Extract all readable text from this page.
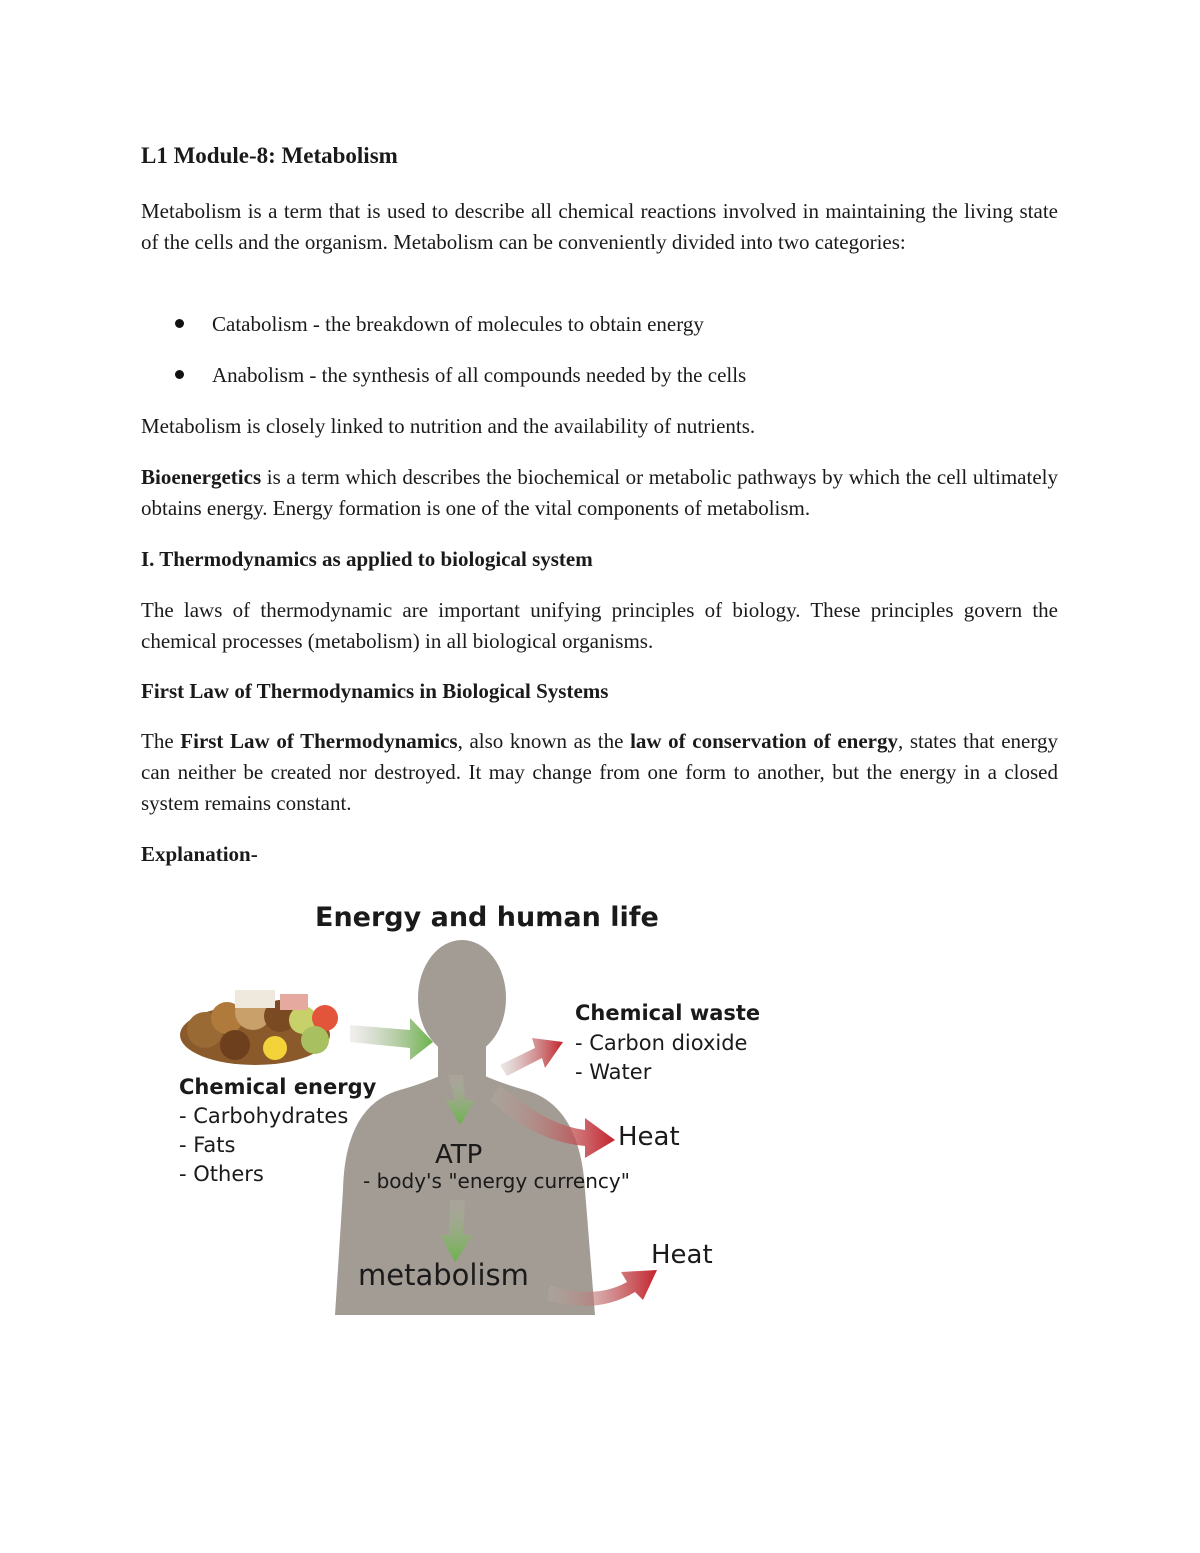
L1 Module-8: Metabolism
Metabolism is a term that is used to describe all chemical reactions involved in maintaining the living state of the cells and the organism. Metabolism can be conveniently divided into two categories:
Catabolism - the breakdown of molecules to obtain energy
Anabolism - the synthesis of all compounds needed by the cells
Metabolism is closely linked to nutrition and the availability of nutrients.
Bioenergetics is a term which describes the biochemical or metabolic pathways by which the cell ultimately obtains energy. Energy formation is one of the vital components of metabolism.
I. Thermodynamics as applied to biological system
The laws of thermodynamic are important unifying principles of biology. These principles govern the chemical processes (metabolism) in all biological organisms.
First Law of Thermodynamics in Biological Systems
The First Law of Thermodynamics, also known as the law of conservation of energy, states that energy can neither be created nor destroyed. It may change from one form to another, but the energy in a closed system remains constant.
Explanation-
Energy and human life
Chemical energy
- Carbohydrates
- Fats
- Others
Chemical waste
- Carbon dioxide
- Water
Heat
ATP
- body's "energy currency"
metabolism
Heat
